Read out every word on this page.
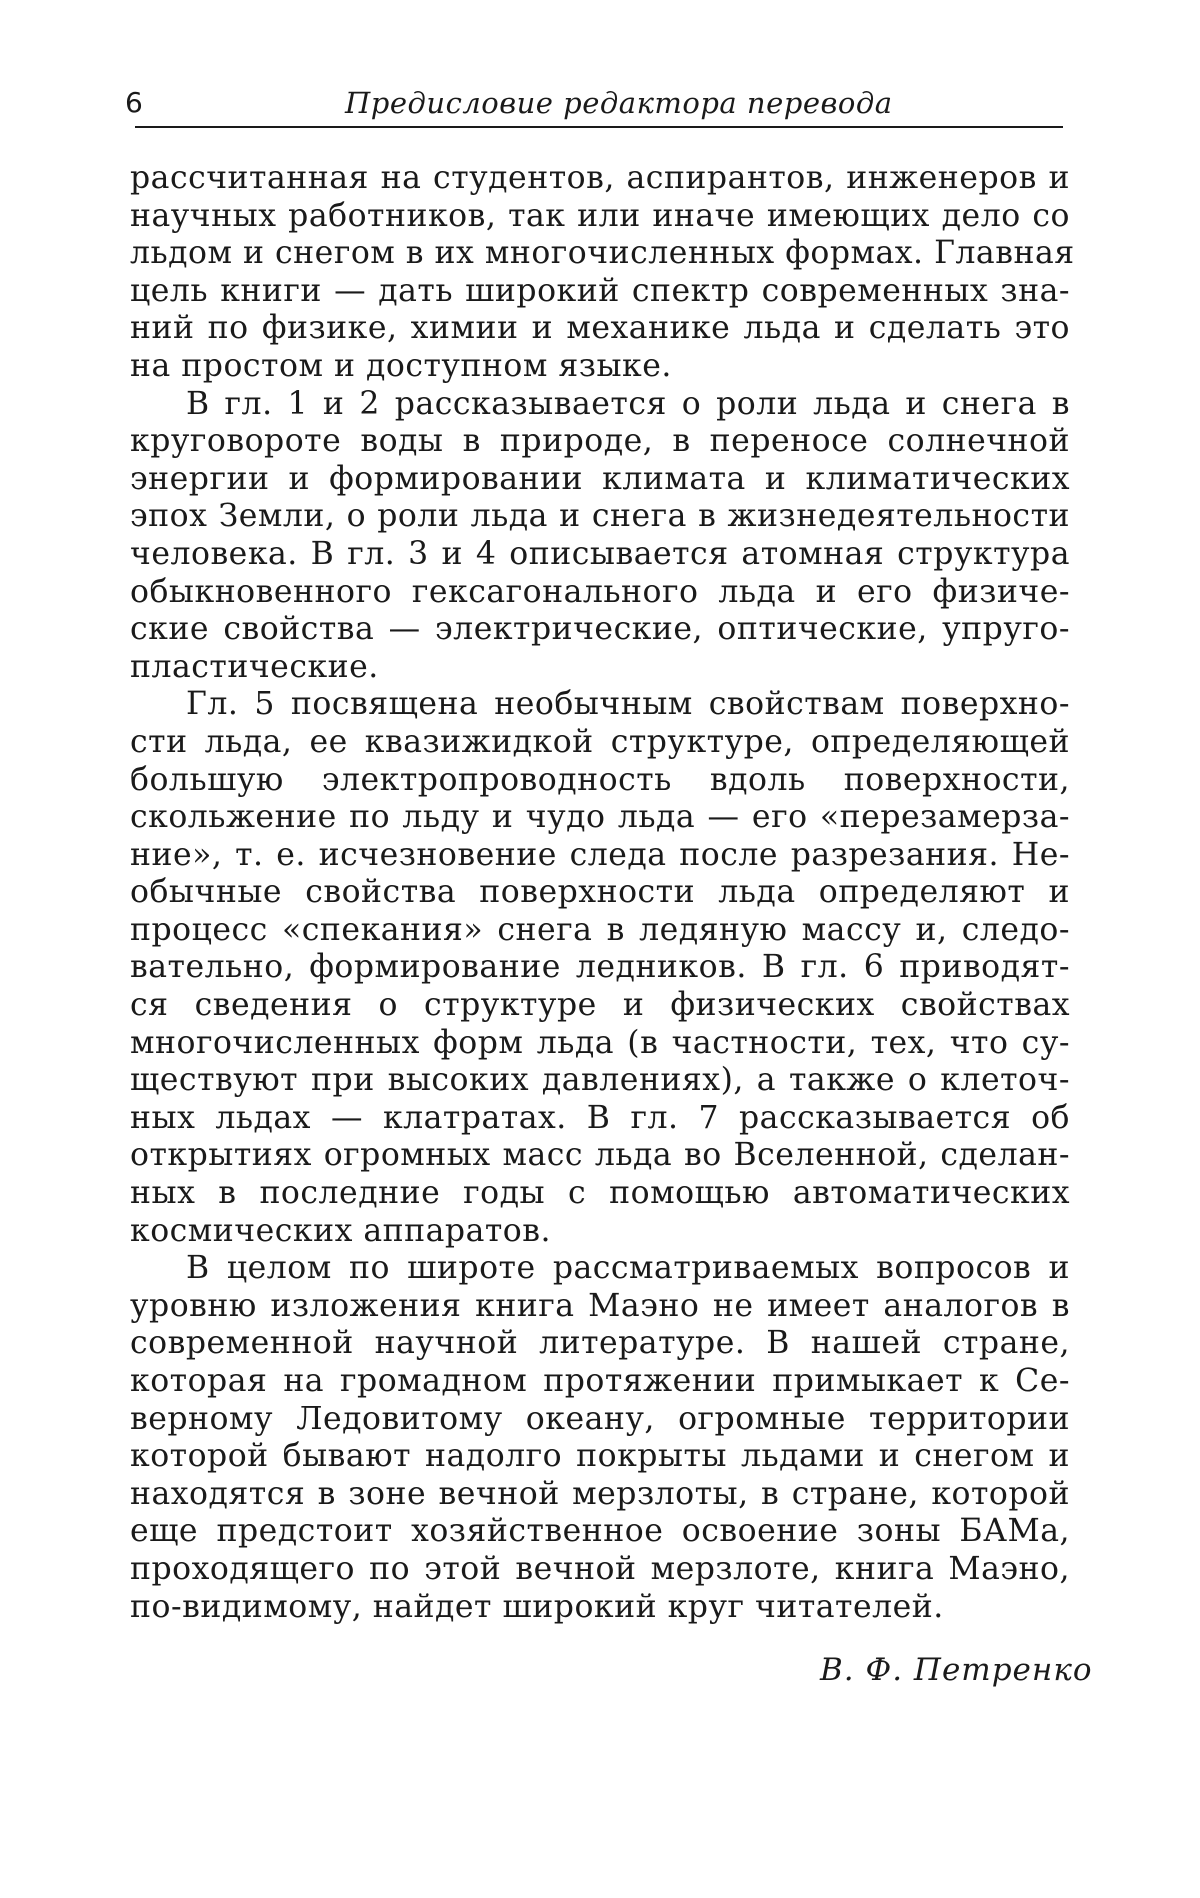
6	Предисловие редактора перевода

рассчитанная на студентов, аспирантов, инженеров и
научных работников, так или иначе имеющих дело со
льдом и снегом в их многочисленных формах. Главная
цель книги — дать широкий спектр современных зна-
ний по физике, химии и механике льда и сделать это
на простом и доступном языке.

В гл. 1 и 2 рассказывается о роли льда и снега в
круговороте воды в природе, в переносе солнечной
энергии и формировании климата и климатических
эпох Земли, о роли льда и снега в жизнедеятельности
человека. В гл. 3 и 4 описывается атомная структура
обыкновенного гексагонального льда и его физиче-
ские свойства — электрические, оптические, упруго-
пластические.

Гл. 5 посвящена необычным свойствам поверхно-
сти льда, ее квазижидкой структуре, определяющей
большую электропроводность вдоль поверхности,
скольжение по льду и чудо льда — его «перезамерза-
ние», т. е. исчезновение следа после разрезания. Не-
обычные свойства поверхности льда определяют и
процесс «спекания» снега в ледяную массу и, следо-
вательно, формирование ледников. В гл. 6 приводят-
ся сведения о структуре и физических свойствах
многочисленных форм льда (в частности, тех, что су-
ществуют при высоких давлениях), а также о клеточ-
ных льдах — клатратах. В гл. 7 рассказывается об
открытиях огромных масс льда во Вселенной, сделан-
ных в последние годы с помощью автоматических
космических аппаратов.

В целом по широте рассматриваемых вопросов и
уровню изложения книга Маэно не имеет аналогов в
современной научной литературе. В нашей стране,
которая на громадном протяжении примыкает к Се-
верному Ледовитому океану, огромные территории
которой бывают надолго покрыты льдами и снегом и
находятся в зоне вечной мерзлоты, в стране, которой
еще предстоит хозяйственное освоение зоны БАМа,
проходящего по этой вечной мерзлоте, книга Маэно,
по-видимому, найдет широкий круг читателей.

В. Ф. Петренко
